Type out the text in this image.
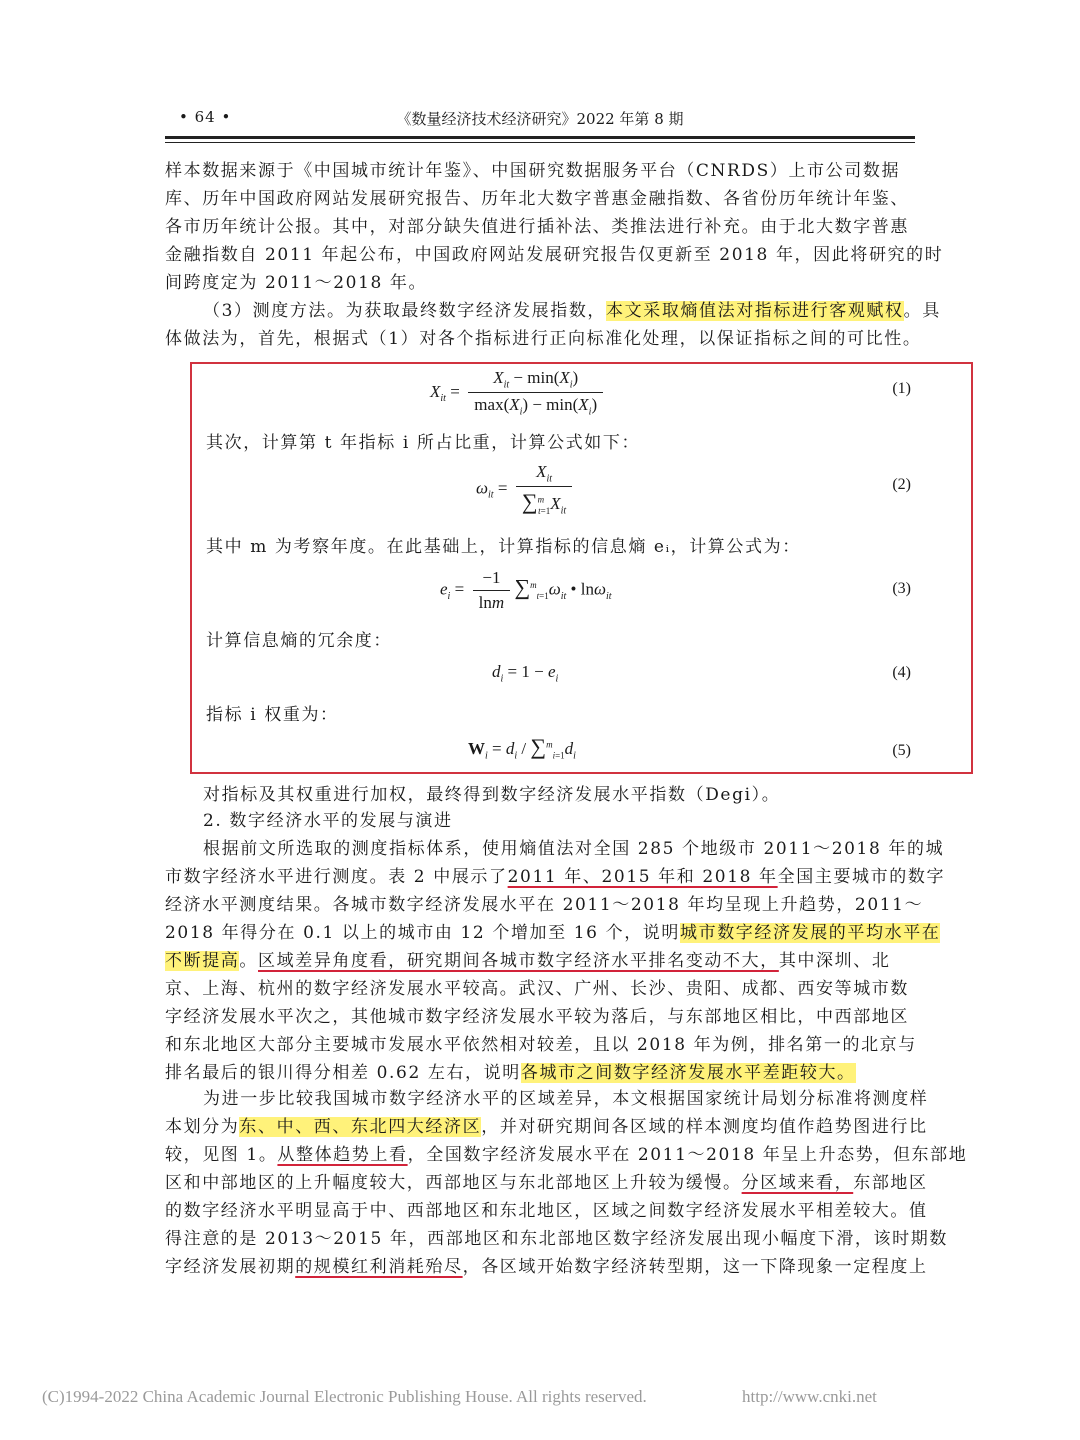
• 64 •	《数量经济技术经济研究》2022 年第 8 期
样本数据来源于《中国城市统计年鉴》、中国研究数据服务平台（CNRDS）上市公司数据
库、历年中国政府网站发展研究报告、历年北大数字普惠金融指数、各省份历年统计年鉴、
各市历年统计公报。其中，对部分缺失值进行插补法、类推法进行补充。由于北大数字普惠
金融指数自 2011 年起公布，中国政府网站发展研究报告仅更新至 2018 年，因此将研究的时
间跨度定为 2011～2018 年。
（3）测度方法。为获取最终数字经济发展指数，本文采取熵值法对指标进行客观赋权。具
体做法为，首先，根据式（1）对各个指标进行正向标准化处理，以保证指标之间的可比性。
$X_{it} = \frac{X_{it} - \min(X_i)}{\max(X_i) - \min(X_i)}$	(1)
其次，计算第 t 年指标 i 所占比重，计算公式如下：
$\omega_{it} = \frac{X_{it}}{\sum^m_{t=1}X_{it}}$	(2)
其中 m 为考察年度。在此基础上，计算指标的信息熵 eᵢ，计算公式为：
$e_i = \frac{-1}{\ln m} \sum^m_{t=1}\omega_{it}$ • lnω$_{it}$	(3)
计算信息熵的冗余度：
$d_i = 1 - e_i$	(4)
指标 i 权重为：
$W_i = d_i / \sum^m_{i=1}d_i$	(5)
对指标及其权重进行加权，最终得到数字经济发展水平指数（Degi）。
2. 数字经济水平的发展与演进
根据前文所选取的测度指标体系，使用熵值法对全国 285 个地级市 2011～2018 年的城
市数字经济水平进行测度。表 2 中展示了2011 年、2015 年和 2018 年全国主要城市的数字
经济水平测度结果。各城市数字经济发展水平在 2011～2018 年均呈现上升趋势，2011～
2018 年得分在 0.1 以上的城市由 12 个增加至 16 个，说明城市数字经济发展的平均水平在
不断提高。区域差异角度看，研究期间各城市数字经济水平排名变动不大，其中深圳、北
京、上海、杭州的数字经济发展水平较高。武汉、广州、长沙、贵阳、成都、西安等城市数
字经济发展水平次之，其他城市数字经济发展水平较为落后，与东部地区相比，中西部地区
和东北地区大部分主要城市发展水平依然相对较差，且以 2018 年为例，排名第一的北京与
排名最后的银川得分相差 0.62 左右，说明各城市之间数字经济发展水平差距较大。
为进一步比较我国城市数字经济水平的区域差异，本文根据国家统计局划分标准将测度样
本划分为东、中、西、东北四大经济区，并对研究期间各区域的样本测度均值作趋势图进行比
较，见图 1。从整体趋势上看，全国数字经济发展水平在 2011～2018 年呈上升态势，但东部地
区和中部地区的上升幅度较大，西部地区与东北部地区上升较为缓慢。分区域来看，东部地区
的数字经济水平明显高于中、西部地区和东北地区，区域之间数字经济发展水平相差较大。值
得注意的是 2013～2015 年，西部地区和东北部地区数字经济发展出现小幅度下滑，该时期数
字经济发展初期的规模红利消耗殆尽，各区域开始数字经济转型期，这一下降现象一定程度上
(C)1994-2022 China Academic Journal Electronic Publishing House. All rights reserved.	http://www.cnki.net
